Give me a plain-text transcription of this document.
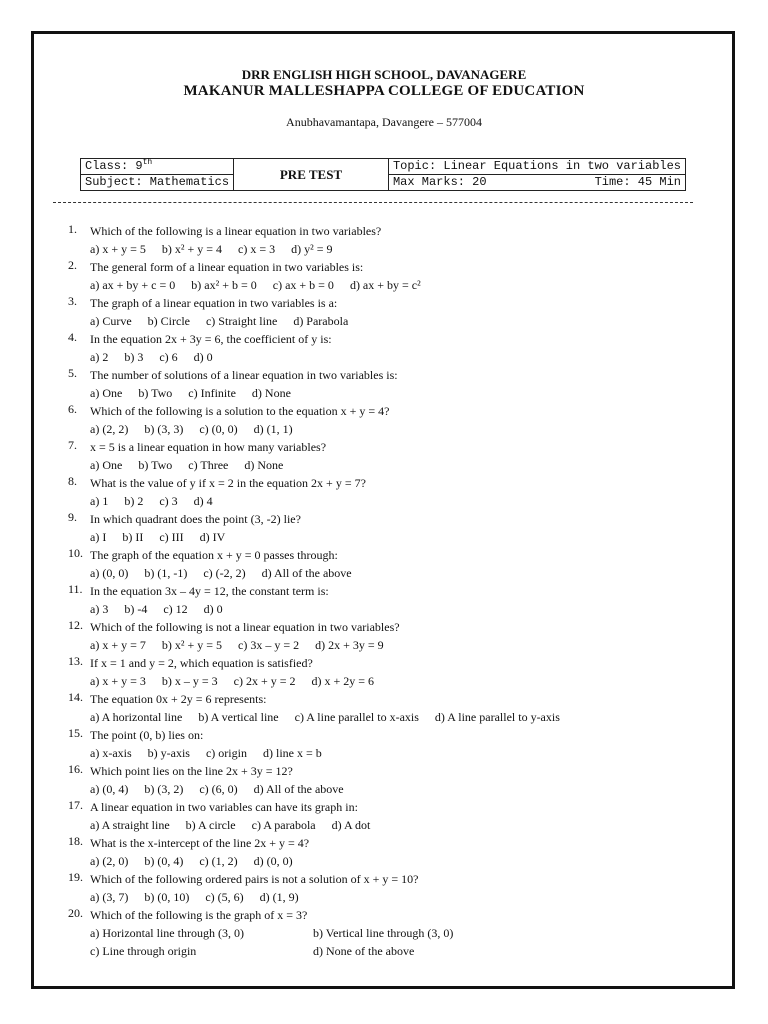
DRR ENGLISH HIGH SCHOOL, DAVANAGERE
MAKANUR MALLESHAPPA COLLEGE OF EDUCATION
Anubhavamantapa, Davangere – 577004
Class: 9th	PRE TEST	Topic: Linear Equations in two variables
Subject: Mathematics		Max Marks: 20 Time: 45 Min
1. Which of the following is a linear equation in two variables?
a) x + y = 5 b) x² + y = 4 c) x = 3 d) y² = 9
2. The general form of a linear equation in two variables is:
a) ax + by + c = 0 b) ax² + b = 0 c) ax + b = 0 d) ax + by = c²
3. The graph of a linear equation in two variables is a:
a) Curve b) Circle c) Straight line d) Parabola
4. In the equation 2x + 3y = 6, the coefficient of y is:
a) 2 b) 3 c) 6 d) 0
5. The number of solutions of a linear equation in two variables is:
a) One b) Two c) Infinite d) None
6. Which of the following is a solution to the equation x + y = 4?
a) (2, 2) b) (3, 3) c) (0, 0) d) (1, 1)
7. x = 5 is a linear equation in how many variables?
a) One b) Two c) Three d) None
8. What is the value of y if x = 2 in the equation 2x + y = 7?
a) 1 b) 2 c) 3 d) 4
9. In which quadrant does the point (3, -2) lie?
a) I b) II c) III d) IV
10. The graph of the equation x + y = 0 passes through:
a) (0, 0) b) (1, -1) c) (-2, 2) d) All of the above
11. In the equation 3x – 4y = 12, the constant term is:
a) 3 b) -4 c) 12 d) 0
12. Which of the following is not a linear equation in two variables?
a) x + y = 7 b) x² + y = 5 c) 3x – y = 2 d) 2x + 3y = 9
13. If x = 1 and y = 2, which equation is satisfied?
a) x + y = 3 b) x – y = 3 c) 2x + y = 2 d) x + 2y = 6
14. The equation 0x + 2y = 6 represents:
a) A horizontal line b) A vertical line c) A line parallel to x-axis d) A line parallel to y-axis
15. The point (0, b) lies on:
a) x-axis b) y-axis c) origin d) line x = b
16. Which point lies on the line 2x + 3y = 12?
a) (0, 4) b) (3, 2) c) (6, 0) d) All of the above
17. A linear equation in two variables can have its graph in:
a) A straight line b) A circle c) A parabola d) A dot
18. What is the x-intercept of the line 2x + y = 4?
a) (2, 0) b) (0, 4) c) (1, 2) d) (0, 0)
19. Which of the following ordered pairs is not a solution of x + y = 10?
a) (3, 7) b) (0, 10) c) (5, 6) d) (1, 9)
20. Which of the following is the graph of x = 3?
a) Horizontal line through (3, 0)	b) Vertical line through (3, 0)
c) Line through origin	d) None of the above
